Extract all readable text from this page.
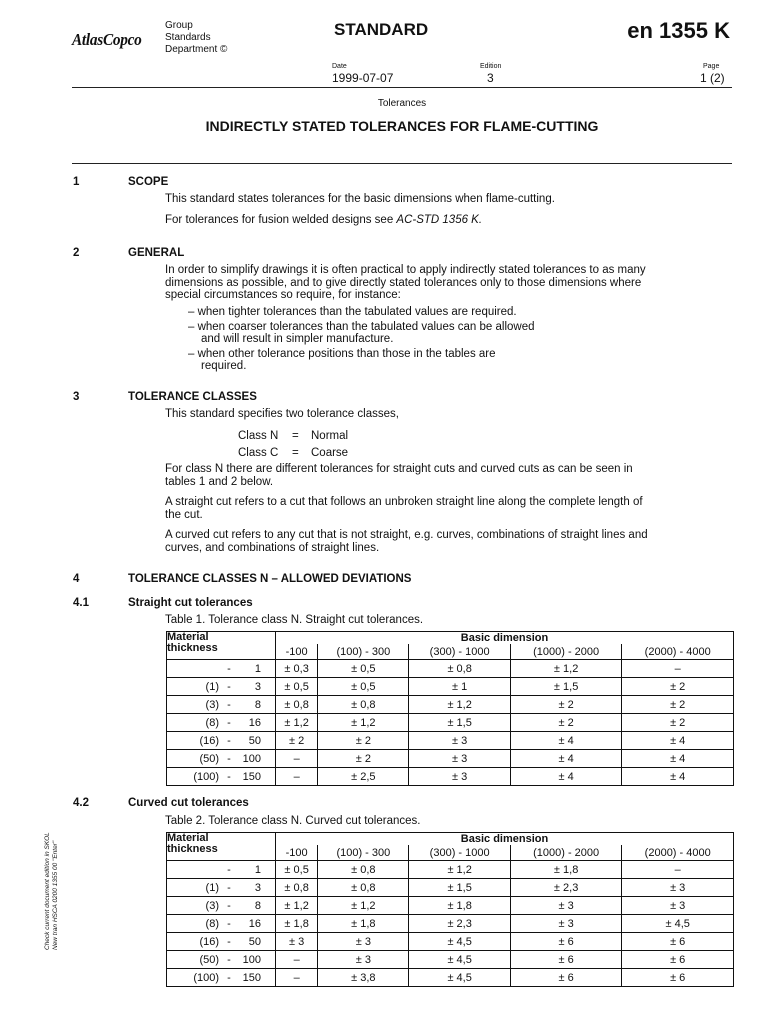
AtlasCopco
Group
Standards
Department ©
STANDARD	en 1355 K
Date
1999-07-07
Edition
3
Page
1 (2)
Tolerances
INDIRECTLY STATED TOLERANCES FOR FLAME-CUTTING
1	SCOPE
This standard states tolerances for the basic dimensions when flame-cutting.
For tolerances for fusion welded designs see AC-STD 1356 K.
2	GENERAL
In order to simplify drawings it is often practical to apply indirectly stated tolerances to as many dimensions as possible, and to give directly stated tolerances only to those dimensions where special circumstances so require, for instance:
– when tighter tolerances than the tabulated values are required.
– when coarser tolerances than the tabulated values can be allowed
and will result in simpler manufacture.
– when other tolerance positions than those in the tables are
required.
3	TOLERANCE CLASSES
This standard specifies two tolerance classes,
Class N = Normal
Class C = Coarse
For class N there are different tolerances for straight cuts and curved cuts as can be seen in tables 1 and 2 below.
A straight cut refers to a cut that follows an unbroken straight line along the complete length of the cut.
A curved cut refers to any cut that is not straight, e.g. curves, combinations of straight lines and curves, and combinations of straight lines.
4	TOLERANCE CLASSES N – ALLOWED DEVIATIONS
4.1	Straight cut tolerances
Table 1. Tolerance class N. Straight cut tolerances.
Material
thickness	Basic dimension				
	-100	(100) - 300	(300) - 1000	(1000) - 2000	(2000) - 4000

- 1	± 0,3	± 0,5	± 0,8	± 1,2	–

(1) - 3	± 0,5	± 0,5	± 1	± 1,5	± 2

(3) - 8	± 0,8	± 0,8	± 1,2	± 2	± 2

(8) - 16	± 1,2	± 1,2	± 1,5	± 2	± 2

(16) - 50	± 2	± 2	± 3	± 4	± 4

(50) - 100	–	± 2	± 3	± 4	± 4

(100) - 150	–	± 2,5	± 3	± 4	± 4
4.2	Curved cut tolerances
Table 2. Tolerance class N. Curved cut tolerances.
Material
thickness	Basic dimension				
	-100	(100) - 300	(300) - 1000	(1000) - 2000	(2000) - 4000

- 1	± 0,5	± 0,8	± 1,2	± 1,8	–

(1) - 3	± 0,8	± 0,8	± 1,5	± 2,3	± 3

(3) - 8	± 1,2	± 1,2	± 1,8	± 3	± 3

(8) - 16	± 1,8	± 1,8	± 2,3	± 3	± 4,5

(16) - 50	± 3	± 3	± 4,5	± 6	± 6

(50) - 100	–	± 3	± 4,5	± 6	± 6

(100) - 150	–	± 3,8	± 4,5	± 6	± 6
Check current document edition in SKOL New tran HSCA 0200 1355 00 "Enter"
